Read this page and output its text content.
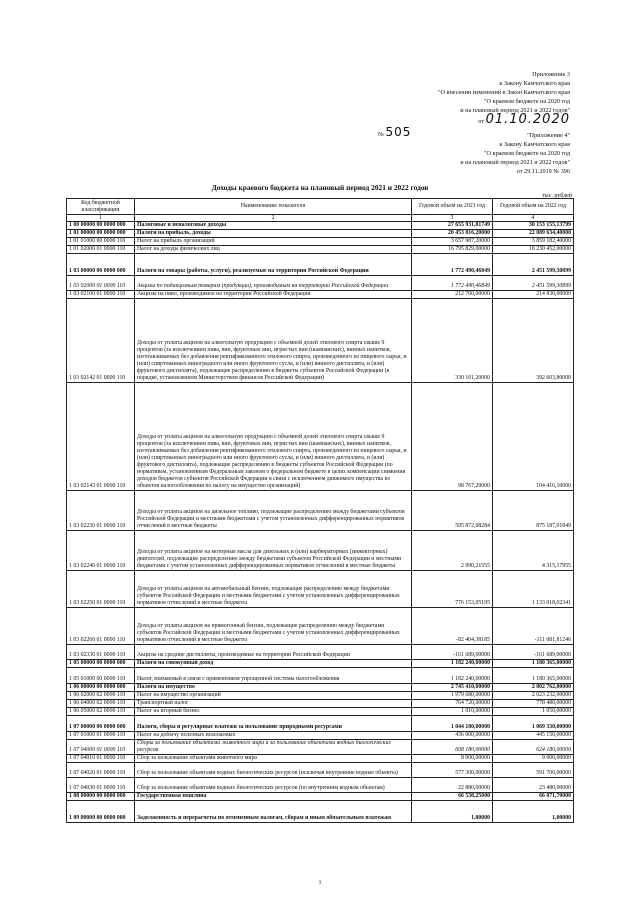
Приложение 3
к Закону Камчатского края
"О внесении изменений в Закон Камчатского края
"О краевом бюджете на 2020 год
и на плановый период 2021 и 2022 годов"
от 01.10.2020
№ 505	"Приложение 4"
к Закону Камчатского края
"О краевом бюджете на 2020 год
и на плановый период 2021 и 2022 годов"
от 29.11.2019 № 396
Доходы краевого бюджета на плановый период 2021 и 2022 годов
тыс. рублей
Код бюджетной классификации	Наименование показателя	Годовой объем на 2021 год	Годовой объем на 2022 год
1	2	3	4
1 00 00000 00 0000 000	Налоговые и неналоговые доходы	27 655 931,81749	30 153 155,13799
1 01 00000 00 0000 000	Налоги на прибыль, доходы	20 453 816,20000	22 089 634,40000
1 01 01000 00 0000 110	Налог на прибыль организаций	3 657 987,20000	3 859 182,40000
1 01 02000 01 0000 110	Налог на доходы физических лиц	16 795 829,00000	18 230 452,00000
1 03 00000 00 0000 000	Налоги на товары (работы, услуги), реализуемые на территории Российской Федерации	1 772 490,46849	2 451 599,30899
1 03 02000 01 0000 110	Акцизы по подакцизным товарам (продукции), производимым на территории Российской Федерации	1 772 490,46849	2 451 599,30899
1 03 02100 01 0000 110	Акцизы на пиво, производимое на территории Российской Федерации	212 700,00000	214 830,00000
1 03 02142 01 0000 110	Доходы от уплаты акцизов на алкогольную продукцию с объемной долей этилового спирта свыше 9 процентов (за исключением пива, вин, фруктовых вин, игристых вин (шампанских), винных напитков, изготавливаемых без добавления ректификованного этилового спирта, произведенного из пищевого сырья, и (или) спиртованных виноградного или иного фруктового сусла, и (или) винного дистиллята, и (или) фруктового дистиллята), подлежащие распределению в бюджеты субъектов Российской Федерации (в порядке, установленном Министерством финансов Российской Федерации)	330 101,20000	392 603,80000
1 03 02143 01 0000 110	Доходы от уплаты акцизов на алкогольную продукцию с объемной долей этилового спирта свыше 9 процентов (за исключением пива, вин, фруктовых вин, игристых вин (шампанских), винных напитков, изготавливаемых без добавления ректификованного этилового спирта, произведенного из пищевого сырья, и (или) спиртованных виноградного или иного фруктового сусла, и (или) винного дистиллята, и (или) фруктового дистиллята), подлежащие распределению в бюджеты субъектов Российской Федерации (по нормативам, установленным Федеральным законом о федеральном бюджете в целях компенсации снижения доходов бюджетов субъектов Российской Федерации в связи с исключением движимого имущества из объектов налогообложения по налогу на имущество организаций)	98 767,20000	104 416,10000
1 03 02230 01 0000 110	Доходы от уплаты акцизов на дизельное топливо, подлежащие распределению между бюджетами субъектов Российской Федерации и местными бюджетами с учетом установленных дифференцированных нормативов отчислений в местные бюджеты	595 872,08284	875 187,01849
1 03 02240 01 0000 110	Доходы от уплаты акцизов на моторные масла для дизельных и (или) карбюраторных (инжекторных) двигателей, подлежащие распределению между бюджетами субъектов Российской Федерации и местными бюджетами с учетом установленных дифференцированных нормативов отчислений в местные бюджеты	2 990,21555	4 315,17955
1 03 02250 01 0000 110	Доходы от уплаты акцизов на автомобильный бензин, подлежащие распределению между бюджетами субъектов Российской Федерации и местными бюджетами с учетом установленных дифференцированных нормативов отчислений в местные бюджеты	776 153,05195	1 133 018,02341
1 03 02260 01 0000 110	Доходы от уплаты акцизов на прямогонный бензин, подлежащие распределению между бюджетами субъектов Российской Федерации и местными бюджетами с учетом установленных дифференцированных нормативов отчислений в местные бюджеты	-82 404,38185	-111 081,81246
1 03 02330 01 0000 110	Акцизы на средние дистилляты, производимые на территории Российской Федерации	-161 689,00000	-161 689,00000
1 05 00000 00 0000 000	Налоги на совокупный доход	1 182 240,00000	1 180 365,00000
1 05 01000 00 0000 110	Налог, взимаемый в связи с применением упрощенной системы налогообложения	1 182 240,00000	1 180 365,00000
1 06 00000 00 0000 000	Налоги на имущество	2 745 410,00000	2 802 762,00000
1 06 02000 02 0000 110	Налог на имущество организаций	1 979 680,00000	2 023 232,00000
1 06 04000 02 0000 110	Транспортный налог	764 720,00000	778 480,00000
1 06 05000 02 0000 110	Налог на игорный бизнес	1 010,00000	1 050,00000
1 07 00000 00 0000 000	Налоги, сборы и регулярные платежи за пользование природными ресурсами	1 044 180,00000	1 069 330,00000
1 07 01000 01 0000 110	Налог на добычу полезных ископаемых	436 000,00000	445 150,00000
1 07 04000 01 0000 110	Сборы за пользование объектами животного мира и за пользование объектами водных биологических ресурсов	608 180,00000	624 180,00000
1 07 04010 01 0000 110	Сбор за пользование объектами животного мира	8 000,00000	9 000,00000
1 07 04020 01 0000 110	Сбор за пользование объектами водных биологических ресурсов (исключая внутренние водные объекты)	577 300,00000	591 700,00000
1 07 04030 01 0000 110	Сбор за пользование объектами водных биологических ресурсов (по внутренним водным объектам)	22 880,00000	23 480,00000
1 08 00000 00 0000 000	Государственная пошлина	66 538,25000	66 071,70000
1 09 00000 00 0000 000	Задолженность и перерасчеты по отмененным налогам, сборам и иным обязательным платежам	1,00000	1,00000
1
